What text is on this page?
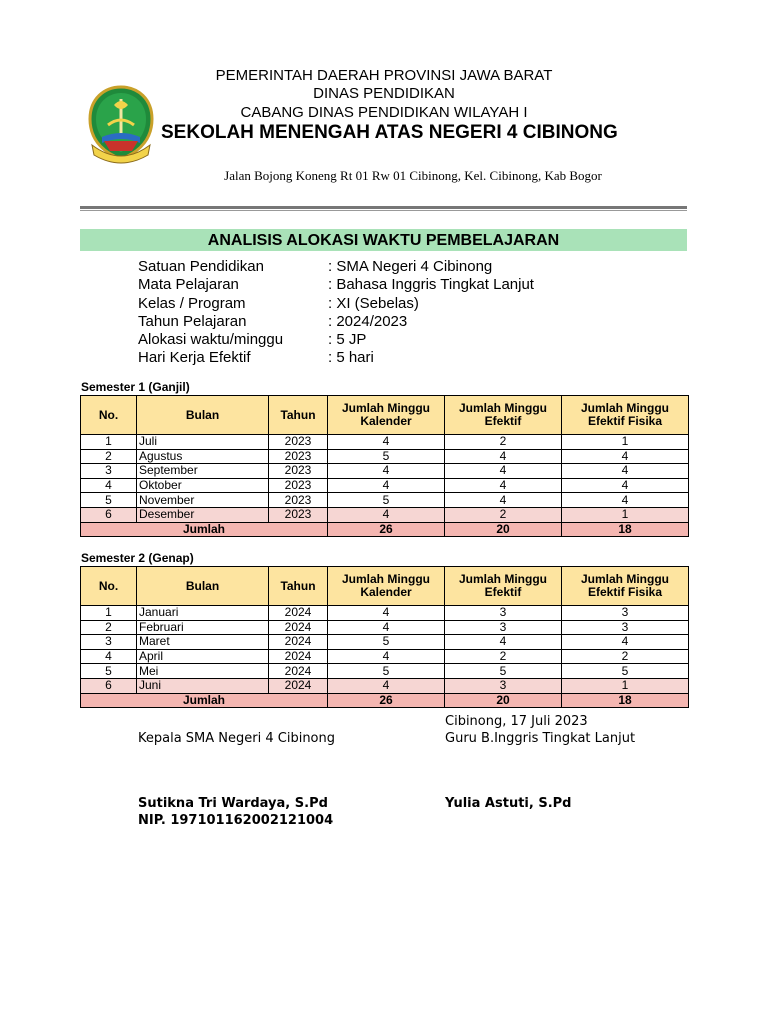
PEMERINTAH DAERAH PROVINSI JAWA BARAT
DINAS PENDIDIKAN
CABANG DINAS PENDIDIKAN WILAYAH I
SEKOLAH MENENGAH ATAS NEGERI 4 CIBINONG
Jalan Bojong Koneng Rt 01 Rw 01 Cibinong, Kel. Cibinong, Kab Bogor
ANALISIS ALOKASI WAKTU PEMBELAJARAN
Satuan Pendidikan	: SMA Negeri 4 Cibinong
Mata Pelajaran	: Bahasa Inggris Tingkat Lanjut
Kelas / Program	: XI (Sebelas)
Tahun Pelajaran	: 2024/2023
Alokasi waktu/minggu	: 5 JP
Hari Kerja Efektif	: 5 hari
Semester 1 (Ganjil)
No.	Bulan	Tahun	Jumlah Minggu Kalender	Jumlah Minggu Efektif	Jumlah Minggu Efektif Fisika
1	Juli	2023	4	2	1
2	Agustus	2023	5	4	4
3	September	2023	4	4	4
4	Oktober	2023	4	4	4
5	November	2023	5	4	4
6	Desember	2023	4	2	1
Jumlah			26	20	18
Semester 2 (Genap)
No.	Bulan	Tahun	Jumlah Minggu Kalender	Jumlah Minggu Efektif	Jumlah Minggu Efektif Fisika
1	Januari	2024	4	3	3
2	Februari	2024	4	3	3
3	Maret	2024	5	4	4
4	April	2024	4	2	2
5	Mei	2024	5	5	5
6	Juni	2024	4	3	1
Jumlah			26	20	18
Cibinong, 17 Juli 2023
Kepala SMA Negeri 4 Cibinong	Guru B.Inggris Tingkat Lanjut
Sutikna Tri Wardaya, S.Pd
NIP. 197101162002121004
Yulia Astuti, S.Pd
